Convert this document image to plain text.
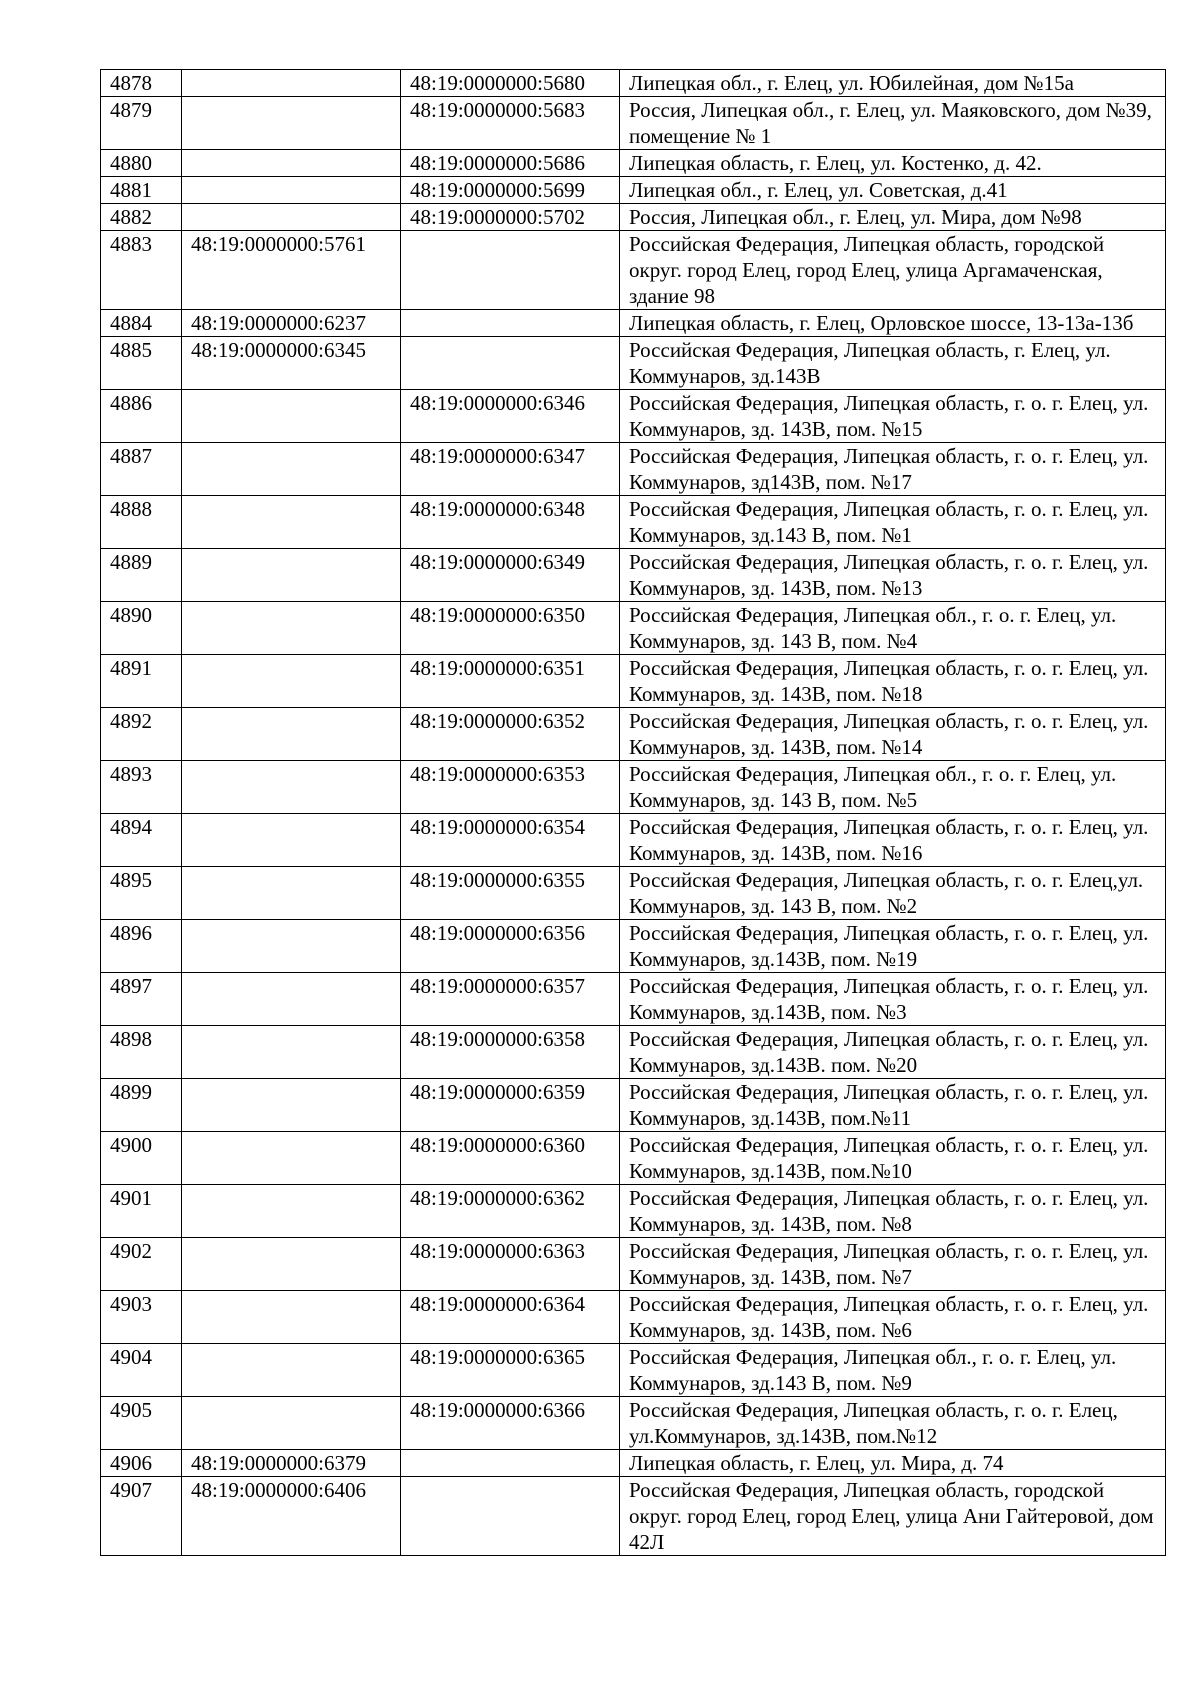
4878		48:19:0000000:5680	Липецкая обл., г. Елец, ул. Юбилейная, дом №15а
4879		48:19:0000000:5683	Россия, Липецкая обл., г. Елец, ул. Маяковского, дом №39, помещение № 1
4880		48:19:0000000:5686	Липецкая область, г. Елец, ул. Костенко, д. 42.
4881		48:19:0000000:5699	Липецкая обл., г. Елец, ул. Советская, д.41
4882		48:19:0000000:5702	Россия, Липецкая обл., г. Елец, ул. Мира, дом №98
4883	48:19:0000000:5761		Российская Федерация, Липецкая область, городской округ. город Елец, город Елец, улица Аргамаченская, здание 98
4884	48:19:0000000:6237		Липецкая область, г. Елец, Орловское шоссе, 13-13а-13б
4885	48:19:0000000:6345		Российская Федерация, Липецкая область, г. Елец, ул. Коммунаров, зд.143В
4886		48:19:0000000:6346	Российская Федерация, Липецкая область, г. о. г. Елец, ул. Коммунаров, зд. 143В, пом. №15
4887		48:19:0000000:6347	Российская Федерация, Липецкая область, г. о. г. Елец, ул. Коммунаров, зд143В, пом. №17
4888		48:19:0000000:6348	Российская Федерация, Липецкая область, г. о. г. Елец, ул. Коммунаров, зд.143 В, пом. №1
4889		48:19:0000000:6349	Российская Федерация, Липецкая область, г. о. г. Елец, ул. Коммунаров, зд. 143В, пом. №13
4890		48:19:0000000:6350	Российская Федерация, Липецкая обл., г. о. г. Елец, ул. Коммунаров, зд. 143 В, пом. №4
4891		48:19:0000000:6351	Российская Федерация, Липецкая область, г. о. г. Елец, ул. Коммунаров, зд. 143В, пом. №18
4892		48:19:0000000:6352	Российская Федерация, Липецкая область, г. о. г. Елец, ул. Коммунаров, зд. 143В, пом. №14
4893		48:19:0000000:6353	Российская Федерация, Липецкая обл., г. о. г. Елец, ул. Коммунаров, зд. 143 В, пом. №5
4894		48:19:0000000:6354	Российская Федерация, Липецкая область, г. о. г. Елец, ул. Коммунаров, зд. 143В, пом. №16
4895		48:19:0000000:6355	Российская Федерация, Липецкая область, г. о. г. Елец,ул. Коммунаров, зд. 143 В, пом. №2
4896		48:19:0000000:6356	Российская Федерация, Липецкая область, г. о. г. Елец, ул. Коммунаров, зд.143В, пом. №19
4897		48:19:0000000:6357	Российская Федерация, Липецкая область, г. о. г. Елец, ул. Коммунаров, зд.143В, пом. №3
4898		48:19:0000000:6358	Российская Федерация, Липецкая область, г. о. г. Елец, ул. Коммунаров, зд.143В. пом. №20
4899		48:19:0000000:6359	Российская Федерация, Липецкая область, г. о. г. Елец, ул. Коммунаров, зд.143В, пом.№11
4900		48:19:0000000:6360	Российская Федерация, Липецкая область, г. о. г. Елец, ул. Коммунаров, зд.143В, пом.№10
4901		48:19:0000000:6362	Российская Федерация, Липецкая область, г. о. г. Елец, ул. Коммунаров, зд. 143В, пом. №8
4902		48:19:0000000:6363	Российская Федерация, Липецкая область, г. о. г. Елец, ул. Коммунаров, зд. 143В, пом. №7
4903		48:19:0000000:6364	Российская Федерация, Липецкая область, г. о. г. Елец, ул. Коммунаров, зд. 143В, пом. №6
4904		48:19:0000000:6365	Российская Федерация, Липецкая обл., г. о. г. Елец, ул. Коммунаров, зд.143 В, пом. №9
4905		48:19:0000000:6366	Российская Федерация, Липецкая область, г. о. г. Елец, ул.Коммунаров, зд.143В, пом.№12
4906	48:19:0000000:6379		Липецкая область, г. Елец, ул. Мира, д. 74
4907	48:19:0000000:6406		Российская Федерация, Липецкая область, городской округ. город Елец, город Елец, улица Ани Гайтеровой, дом 42Л
